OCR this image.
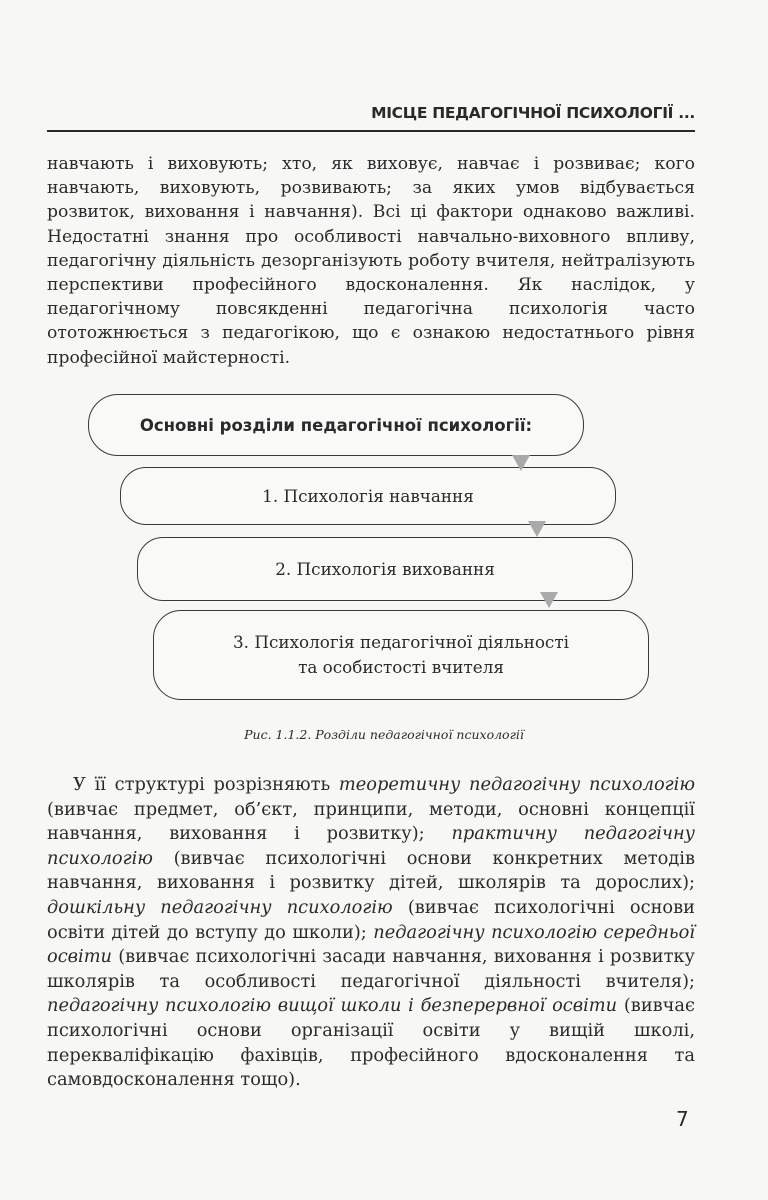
МІСЦЕ ПЕДАГОГІЧНОЇ ПСИХОЛОГІЇ ...

навчають і виховують; хто, як виховує, навчає і розвиває; кого навчають, виховують, розвивають; за яких умов відбувається розвиток, виховання і навчання). Всі ці фактори однаково важливі. Недостатні знання про особливості навчально-виховного впливу, педагогічну діяльність дезорганізують роботу вчителя, нейтралізують перспективи професійного вдосконалення. Як наслідок, у педагогічному повсякденні педагогічна психологія часто ототожнюється з педагогікою, що є ознакою недостатнього рівня професійної майстерності.

Основні розділи педагогічної психології:
1. Психологія навчання
2. Психологія виховання
3. Психологія педагогічної діяльності
та особистості вчителя
Рис. 1.1.2. Розділи педагогічної психології

У її структурі розрізняють теоретичну педагогічну психологію (вивчає предмет, об’єкт, принципи, методи, основні концепції навчання, виховання і розвитку); практичну педагогічну психологію (вивчає психологічні основи конкретних методів навчання, виховання і розвитку дітей, школярів та дорослих); дошкільну педагогічну психологію (вивчає психологічні основи освіти дітей до вступу до школи); педагогічну психологію середньої освіти (вивчає психологічні засади навчання, виховання і розвитку школярів та особливості педагогічної діяльності вчителя); педагогічну психологію вищої школи і безперервної освіти (вивчає психологічні основи організації освіти у вищій школі, перекваліфікацію фахівців, професійного вдосконалення та самовдосконалення тощо).

7
